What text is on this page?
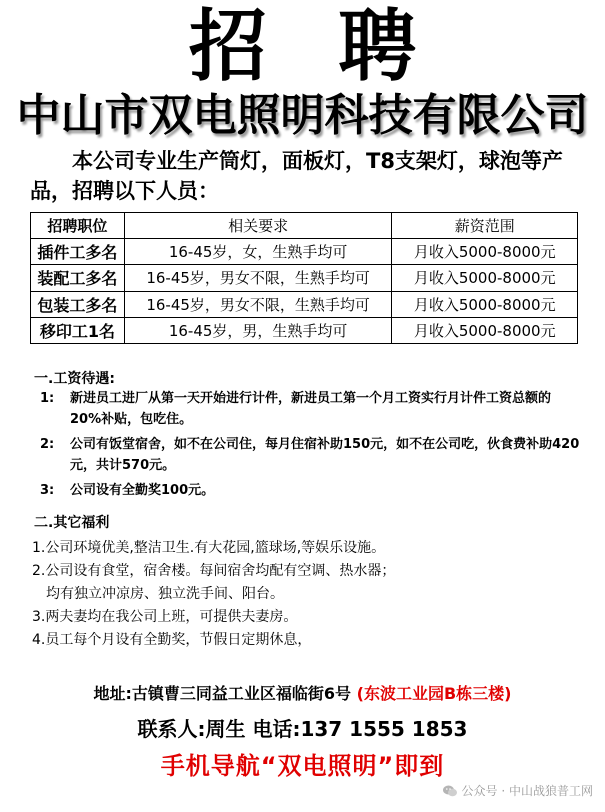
招 聘
中山市双电照明科技有限公司
本公司专业生产筒灯，面板灯，T8支架灯，球泡等产品，招聘以下人员：
招聘职位	相关要求	薪资范围
插件工多名	16-45岁，女，生熟手均可	月收入5000-8000元
装配工多名	16-45岁，男女不限，生熟手均可	月收入5000-8000元
包装工多名	16-45岁，男女不限，生熟手均可	月收入5000-8000元
移印工1名	16-45岁，男，生熟手均可	月收入5000-8000元
一.工资待遇:
1:	新进员工进厂从第一天开始进行计件，新进员工第一个月工资实行月计件工资总额的20%补贴，包吃住。
2:	公司有饭堂宿舍，如不在公司住，每月住宿补助150元，如不在公司吃，伙食费补助420元，共计570元。
3:	公司设有全勤奖100元。
二.其它福利
1.公司环境优美,整洁卫生.有大花园,篮球场,等娱乐设施。
2.公司设有食堂，宿舍楼。每间宿舍均配有空调、热水器；
均有独立冲凉房、独立洗手间、阳台。
3.两夫妻均在我公司上班，可提供夫妻房。
4.员工每个月设有全勤奖，节假日定期休息，
地址:古镇曹三同益工业区福临街6号 (东波工业园B栋三楼)
联系人:周生 电话:137 1555 1853
手机导航“双电照明”即到
公众号 · 中山战狼普工网
